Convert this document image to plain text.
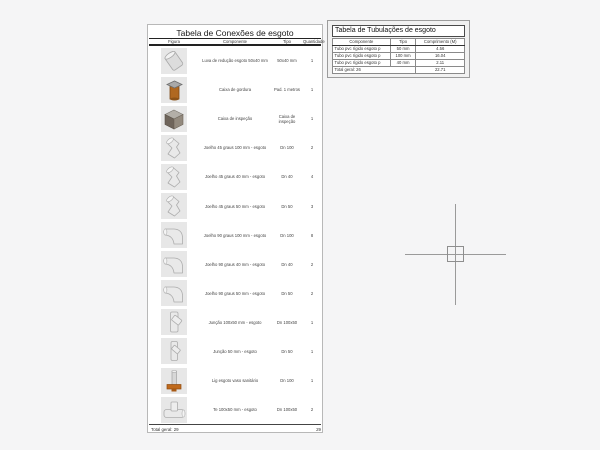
Tabela de Conexões de esgoto
Figura	Componente	Tipo	Quantidade
Luva de redução esgoto 50x40 mm	50x40 mm	1
Caixa de gordura	Pad. 1 metros	1
Caixa de inspeção	Caixa de inspeção	1
Joelho 45 graus 100 mm - esgoto	Dn 100	2
Joelho 45 graus 40 mm - esgoto	Dn 40	4
Joelho 45 graus 50 mm - esgoto	Dn 50	3
Joelho 90 graus 100 mm - esgoto	Dn 100	8
Joelho 90 graus 40 mm - esgoto	Dn 40	2
Joelho 90 graus 50 mm - esgoto	Dn 50	2
Junção 100x50 mm - esgoto	Dn 100x50	1
Junção 50 mm - esgoto	Dn 50	1
Lig esgoto vaso sanitário	Dn 100	1
Te 100x50 mm - esgoto	Dn 100x50	2
Total geral: 29	29
Tabela de Tubulações de esgoto
Componente	Tipo	Comprimento (M)
Tubo pvc rígido esgoto p	50 mm	4.56
Tubo pvc rígido esgoto p	100 mm	16.04
Tubo pvc rígido esgoto p	40 mm	2.11
Total geral: 26		22.71
